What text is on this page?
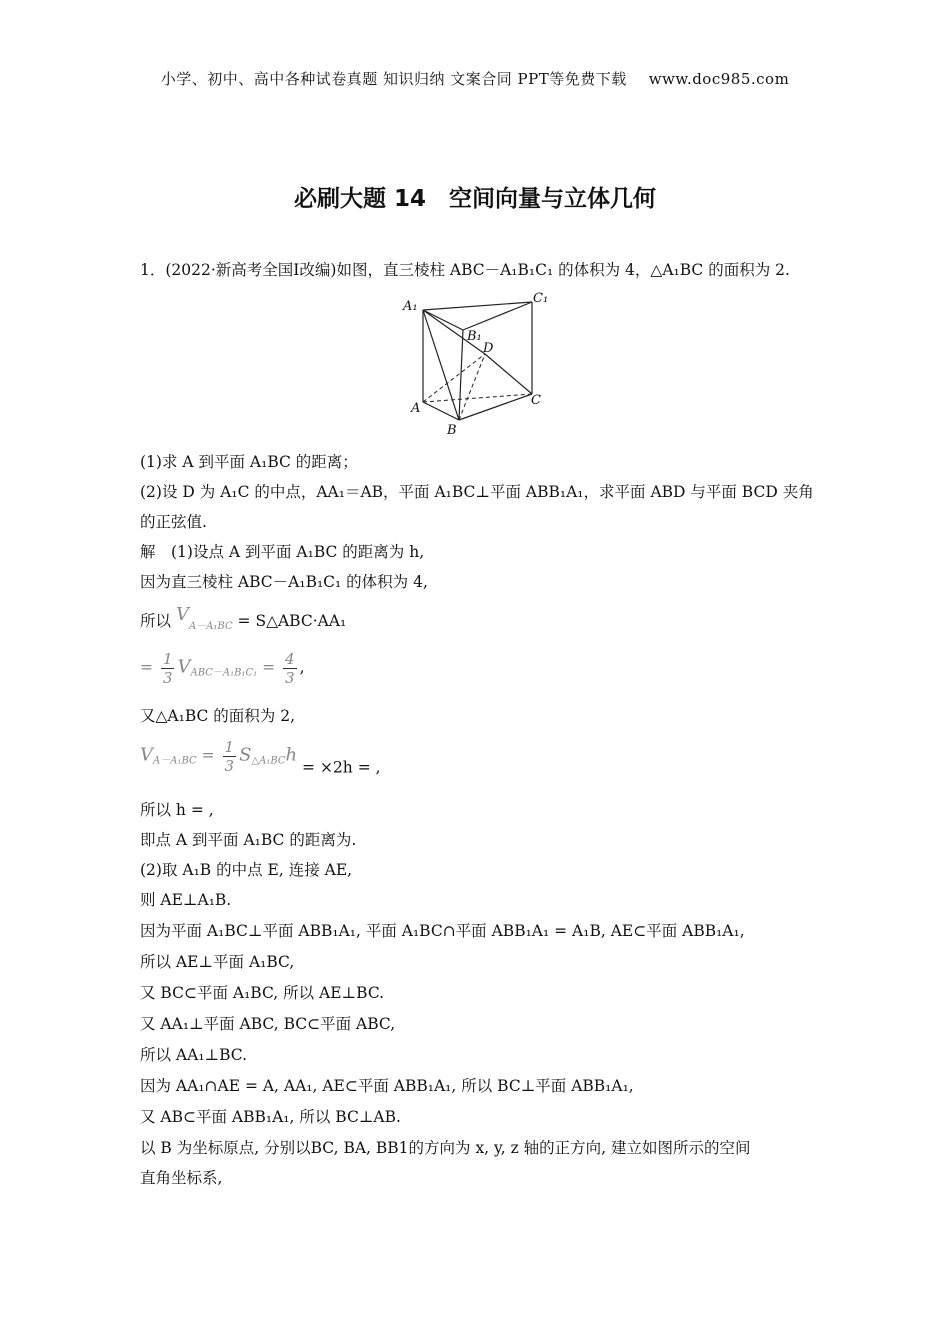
小学、初中、高中各种试卷真题 知识归纳 文案合同 PPT等免费下载 www.doc985.com
必刷大题 14　空间向量与立体几何
1．(2022·新高考全国Ⅰ改编)如图，直三棱柱 ABC－A₁B₁C₁ 的体积为 4，△A₁BC 的面积为 2.
A₁
C₁
B₁
D
A
B
C
(1)求 A 到平面 A₁BC 的距离；
(2)设 D 为 A₁C 的中点，AA₁＝AB，平面 A₁BC⊥平面 ABB₁A₁，求平面 ABD 与平面 BCD 夹角
的正弦值.
解　(1)设点 A 到平面 A₁BC 的距离为 h,
因为直三棱柱 ABC－A₁B₁C₁ 的体积为 4,
所以 $V_{A-A_1BC}$ = S△ABC·AA₁
= $\frac{1}{3} V_{ABC-A_1B_1C_1} = \frac{4}{3}$ ,
又△A₁BC 的面积为 2,
$V_{A-A_1BC} = \frac{1}{3} S_{\triangle A_1BC}h = \times 2h$ = ,
所以 h = ,
即点 A 到平面 A₁BC 的距离为.
(2)取 A₁B 的中点 E, 连接 AE,
则 AE⊥A₁B.
因为平面 A₁BC⊥平面 ABB₁A₁, 平面 A₁BC∩平面 ABB₁A₁ = A₁B, AE⊂平面 ABB₁A₁,
所以 AE⊥平面 A₁BC,
又 BC⊂平面 A₁BC, 所以 AE⊥BC.
又 AA₁⊥平面 ABC, BC⊂平面 ABC,
所以 AA₁⊥BC.
因为 AA₁∩AE = A, AA₁, AE⊂平面 ABB₁A₁, 所以 BC⊥平面 ABB₁A₁,
又 AB⊂平面 ABB₁A₁, 所以 BC⊥AB.
以 B 为坐标原点, 分别以BC, BA, BB1的方向为 x, y, z 轴的正方向, 建立如图所示的空间
直角坐标系,
